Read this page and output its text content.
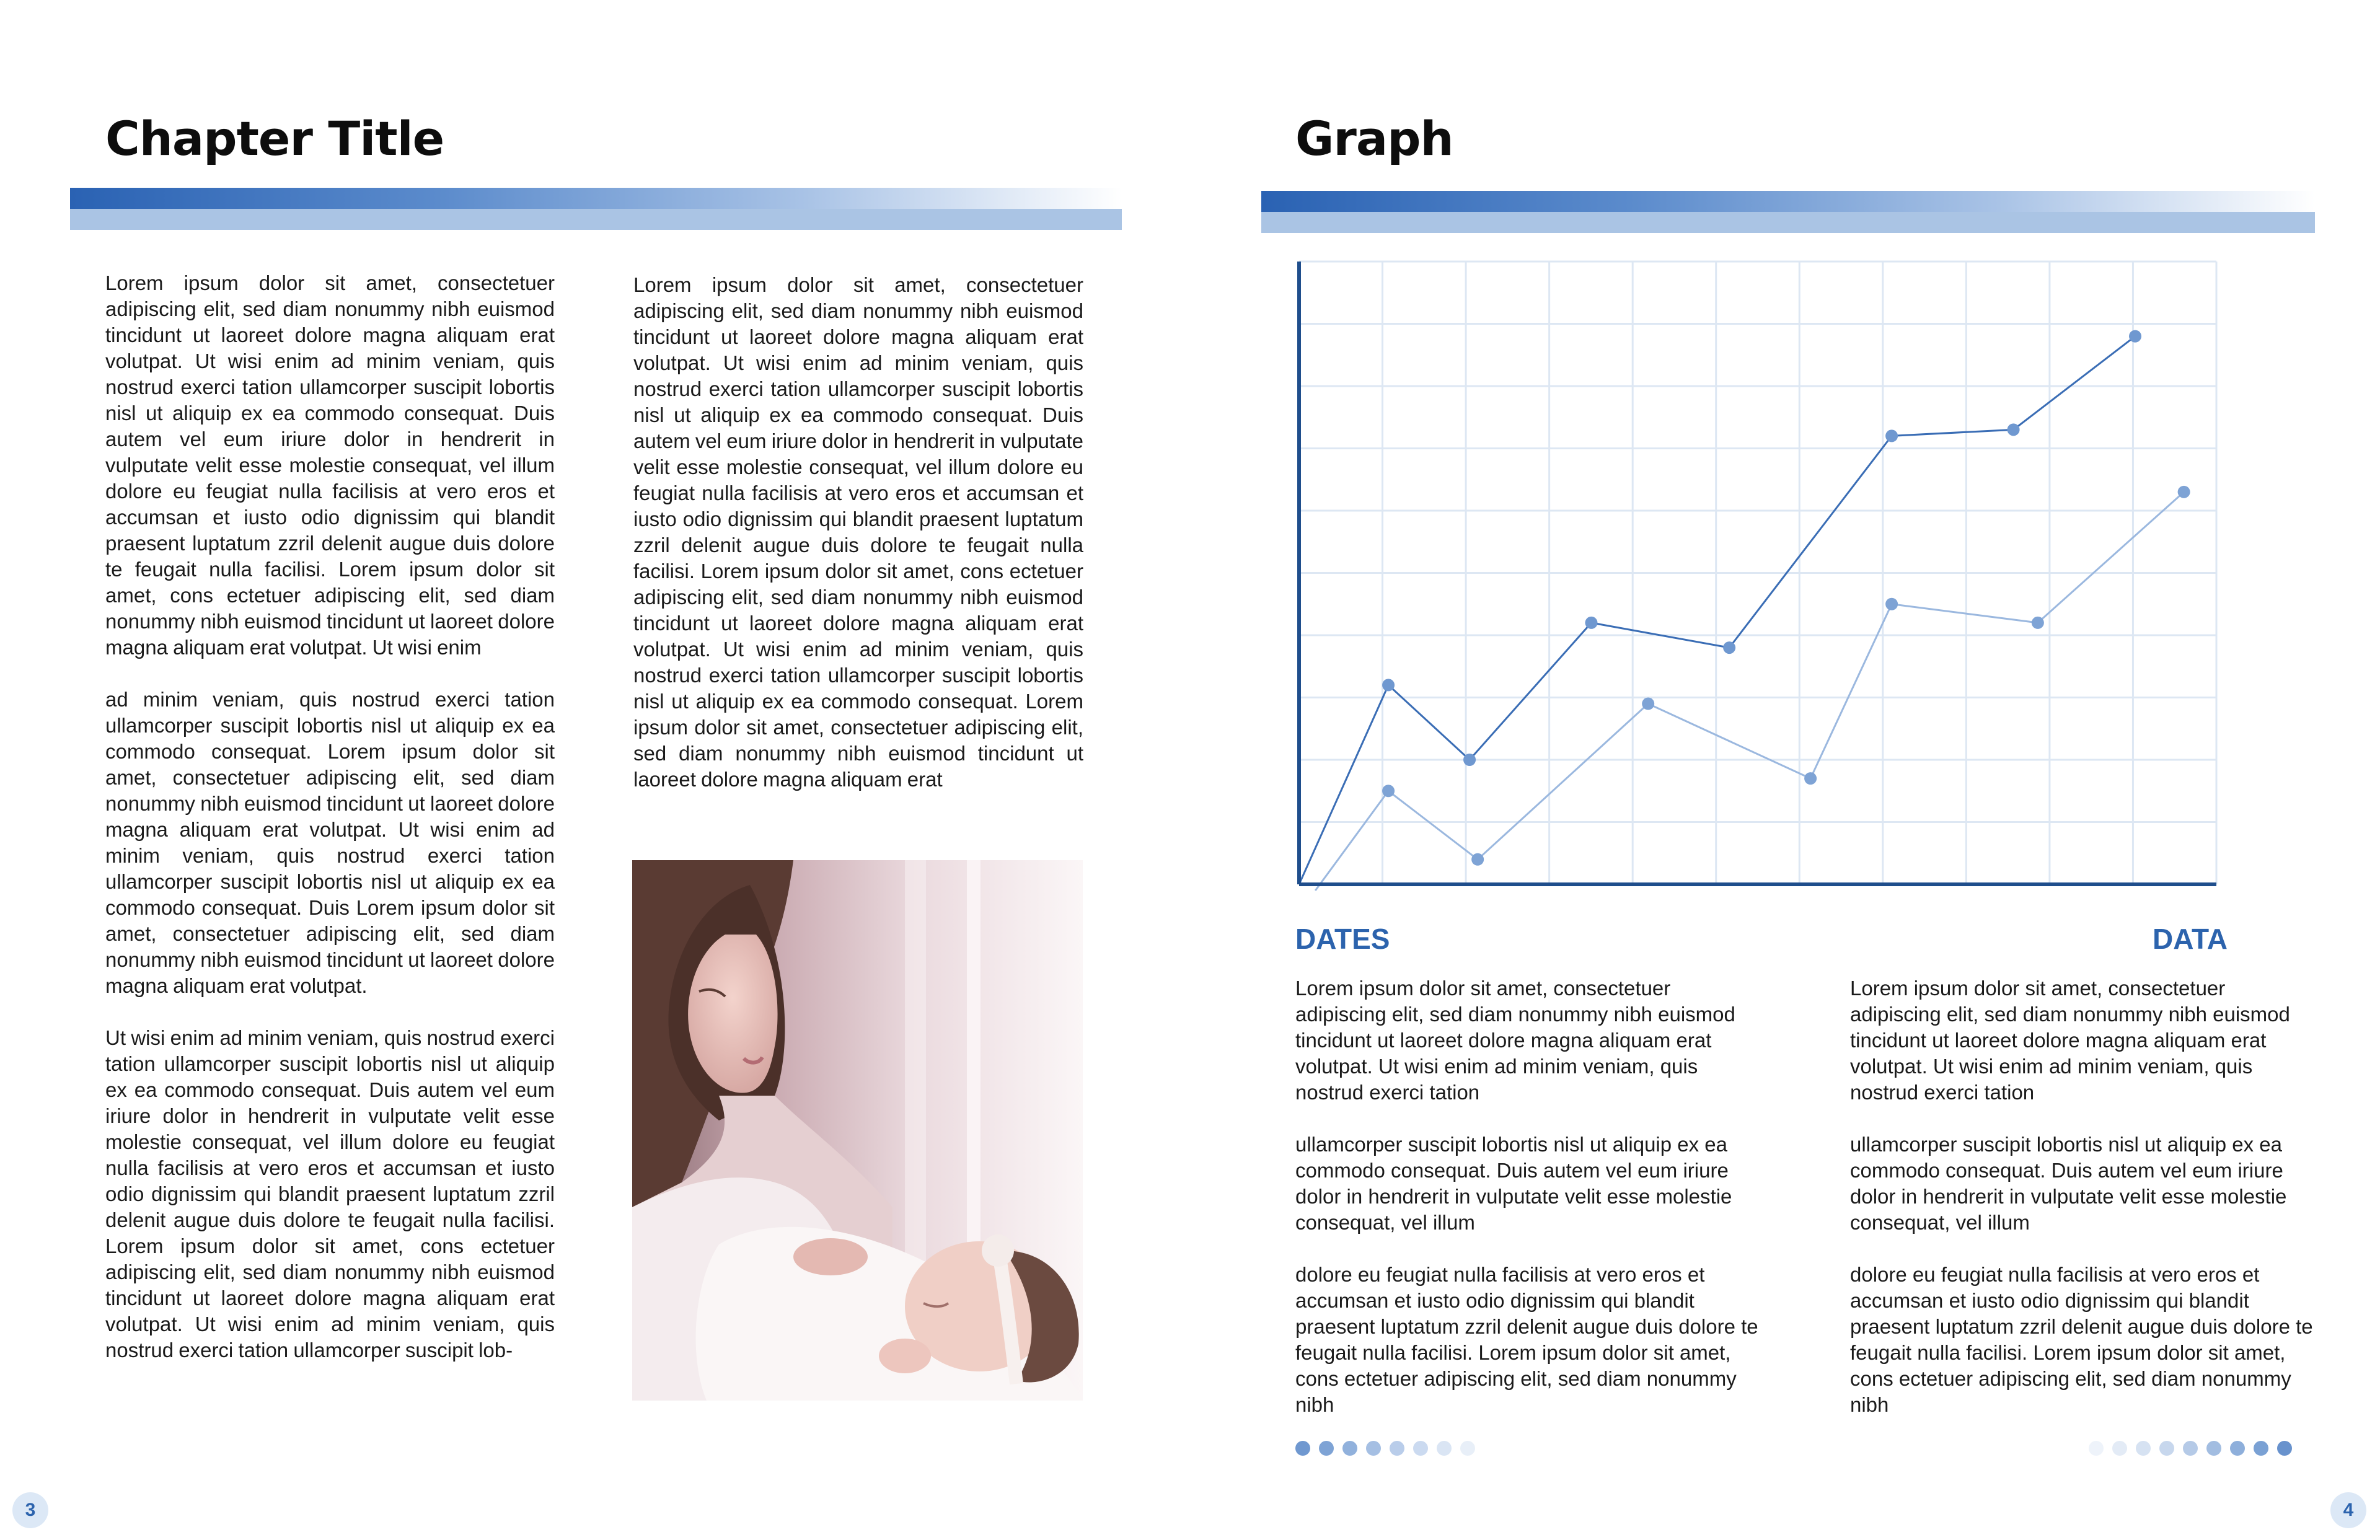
Chapter Title

Lorem ipsum dolor sit amet, consectetuer adipiscing elit, sed diam nonummy nibh euismod tincidunt ut laoreet dolore magna aliquam erat volutpat. Ut wisi enim ad minim veniam, quis nostrud exerci tation ullamcorper suscipit lobortis nisl ut aliquip ex ea commodo consequat. Duis autem vel eum iriure dolor in hendrerit in vulputate velit esse molestie consequat, vel illum dolore eu feugiat nulla facilisis at vero eros et accumsan et iusto odio dignissim qui blandit praesent luptatum zzril delenit augue duis dolore te feugait nulla facilisi. Lorem ipsum dolor sit amet, cons ectetuer adipiscing elit, sed diam nonummy nibh euismod tincidunt ut laoreet dolore magna aliquam erat volutpat. Ut wisi enim

ad minim veniam, quis nostrud exerci tation ullamcorper suscipit lobortis nisl ut aliquip ex ea commodo consequat. Lorem ipsum dolor sit amet, consectetuer adipiscing elit, sed diam nonummy nibh euismod tincidunt ut laoreet dolore magna aliquam erat volutpat. Ut wisi enim ad minim veniam, quis nostrud exerci tation ullamcorper suscipit lobortis nisl ut aliquip ex ea commodo consequat. Duis Lorem ipsum dolor sit amet, consectetuer adipiscing elit, sed diam nonummy nibh euismod tincidunt ut laoreet dolore magna aliquam erat volutpat.

Ut wisi enim ad minim veniam, quis nostrud exerci tation ullamcorper suscipit lobortis nisl ut aliquip ex ea commodo consequat. Duis autem vel eum iriure dolor in hendrerit in vulputate velit esse molestie consequat, vel illum dolore eu feugiat nulla facilisis at vero eros et accumsan et iusto odio dignissim qui blandit praesent luptatum zzril delenit augue duis dolore te feugait nulla facilisi. Lorem ipsum dolor sit amet, cons ectetuer adipiscing elit, sed diam nonummy nibh euismod tincidunt ut laoreet dolore magna aliquam erat volutpat. Ut wisi enim ad minim veniam, quis nostrud exerci tation ullamcorper suscipit lob-

Lorem ipsum dolor sit amet, consectetuer adipiscing elit, sed diam nonummy nibh euismod tincidunt ut laoreet dolore magna aliquam erat volutpat. Ut wisi enim ad minim veniam, quis nostrud exerci tation ullamcorper suscipit lobortis nisl ut aliquip ex ea commodo consequat. Duis autem vel eum iriure dolor in hendrerit in vulputate velit esse molestie consequat, vel illum dolore eu feugiat nulla facilisis at vero eros et accumsan et iusto odio dignissim qui blandit praesent luptatum zzril delenit augue duis dolore te feugait nulla facilisi. Lorem ipsum dolor sit amet, cons ectetuer adipiscing elit, sed diam nonummy nibh euismod tincidunt ut laoreet dolore magna aliquam erat volutpat. Ut wisi enim ad minim veniam, quis nostrud exerci tation ullamcorper suscipit lobortis nisl ut aliquip ex ea commodo consequat. Lorem ipsum dolor sit amet, consectetuer adipiscing elit, sed diam nonummy nibh euismod tincidunt ut laoreet dolore magna aliquam erat

3
Graph
DATES	DATA

Lorem ipsum dolor sit amet, consectetuer adipiscing elit, sed diam nonummy nibh euismod tincidunt ut laoreet dolore magna aliquam erat volutpat. Ut wisi enim ad minim veniam, quis nostrud exerci tation

ullamcorper suscipit lobortis nisl ut aliquip ex ea commodo consequat. Duis autem vel eum iriure dolor in hendrerit in vulputate velit esse molestie consequat, vel illum

dolore eu feugiat nulla facilisis at vero eros et accumsan et iusto odio dignissim qui blandit praesent luptatum zzril delenit augue duis dolore te feugait nulla facilisi. Lorem ipsum dolor sit amet, cons ectetuer adipiscing elit, sed diam nonummy nibh

Lorem ipsum dolor sit amet, consectetuer adipiscing elit, sed diam nonummy nibh euismod tincidunt ut laoreet dolore magna aliquam erat volutpat. Ut wisi enim ad minim veniam, quis nostrud exerci tation

ullamcorper suscipit lobortis nisl ut aliquip ex ea commodo consequat. Duis autem vel eum iriure dolor in hendrerit in vulputate velit esse molestie consequat, vel illum

dolore eu feugiat nulla facilisis at vero eros et accumsan et iusto odio dignissim qui blandit praesent luptatum zzril delenit augue duis dolore te feugait nulla facilisi. Lorem ipsum dolor sit amet, cons ectetuer adipiscing elit, sed diam nonummy nibh

4
